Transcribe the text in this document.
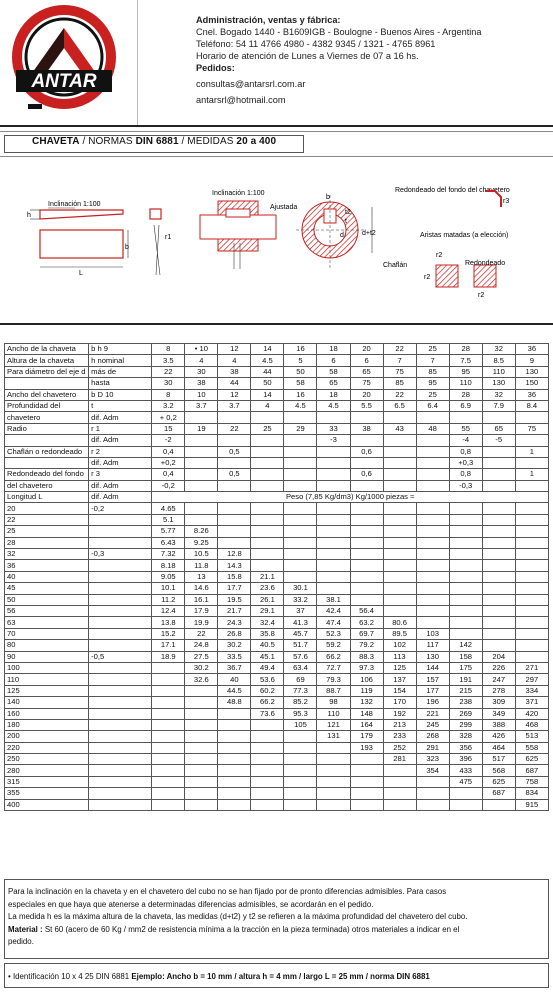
ANTAR
Administración, ventas y fábrica:
Cnel. Bogado 1440 - B1609IGB - Boulogne - Buenos Aires - Argentina
Teléfono: 54 11 4766 4980 - 4382 9345 / 1321 - 4765 8961
Horario de atención de Lunes a Viernes de 07 a 16 hs.
Pedidos:
consultas@antarsrl.com.ar
antarsrl@hotmail.com
CHAVETA / NORMAS DIN 6881 / MEDIDAS 20 a 400
Inclinación 1:100
h
L
b
r1
Inclinación 1:100
Ajustada
b
t2
t
d+t2
d
Redondeado del fondo del chavetero
r3
Aristas matadas (a elección)
Chaflán	Redondeado
r2
r2
r2
Ancho de la chaveta	b h 9	8	• 10	12	14	16	18	20	22	25	28	32	36
Altura de la chaveta	h nominal	3.5	4	4	4.5	5	6	6	7	7	7.5	8.5	9
Para diámetro del eje d	más de	22	30	38	44	50	58	65	75	85	95	110	130
	hasta	30	38	44	50	58	65	75	85	95	110	130	150
Ancho del chavetero	b D 10	8	10	12	14	16	18	20	22	25	28	32	36
Profundidad del	t	3.2	3.7	3.7	4	4.5	4.5	5.5	6.5	6.4	6.9	7.9	8.4
chavetero	dif. Adm	+ 0,2											
Radio	r 1	15	19	22	25	29	33	38	43	48	55	65	75
	dif. Adm	-2					-3				-4	-5	
Chaflán o redondeado	r 2	0,4		0,5				0,6			0,8		1
	dif. Adm	+0,2									+0,3		
Redondeado del fondo	r 3	0,4		0,5				0,6			0,8		1
del chavetero	dif. Adm	-0,2									-0,3		
Longitud L	dif. Adm	Peso (7,85 Kg/dm3) Kg/1000 piezas ≈											
20	-0,2	4.65											
22		5.1											
25		5.77	8.26										
28		6.43	9.25										
32	-0,3	7.32	10.5	12.8									
36		8.18	11.8	14.3									
40		9.05	13	15.8	21.1								
45		10.1	14.6	17.7	23.6	30.1							
50		11.2	16.1	19.5	26.1	33.2	38.1						
56		12.4	17.9	21.7	29.1	37	42.4	56.4					
63		13.8	19.9	24.3	32.4	41.3	47.4	63.2	80.6				
70		15.2	22	26.8	35.8	45.7	52.3	69.7	89.5	103			
80		17.1	24.8	30.2	40.5	51.7	59.2	79.2	102	117	142		
90	-0,5	18.9	27.5	33.5	45.1	57.6	66.2	88.3	113	130	158	204	
100			30.2	36.7	49.4	63.4	72.7	97.3	125	144	175	226	271
110			32.6	40	53.6	69	79.3	106	137	157	191	247	297
125				44.5	60.2	77.3	88.7	119	154	177	215	278	334
140				48.8	66.2	85.2	98	132	170	196	238	309	371
160					73.6	95.3	110	148	192	221	269	349	420
180						105	121	164	213	245	299	388	468
200							131	179	233	268	328	426	513
220								193	252	291	356	464	558
250									281	323	396	517	625
280										354	433	568	687
315											475	625	758
355												687	834
400													915
Para la inclinación en la chaveta y en el chavetero del cubo no se han fijado por de pronto diferencias admisibles. Para casos
especiales en que haya que atenerse a determinadas diferencias admisibles, se acordarán en el pedido.
La medida h es la máxima altura de la chaveta, las medidas (d+t2) y t2 se refieren a la máxima profundidad del chavetero del cubo.
Material : St 60 (acero de 60 Kg / mm2 de resistencia mínima a la tracción en la pieza terminada) otros materiales a indicar en el
pedido.
• Identificación 10 x 4 25 DIN 6881 Ejemplo: Ancho b = 10 mm / altura h = 4 mm / largo L = 25 mm / norma DIN 6881
